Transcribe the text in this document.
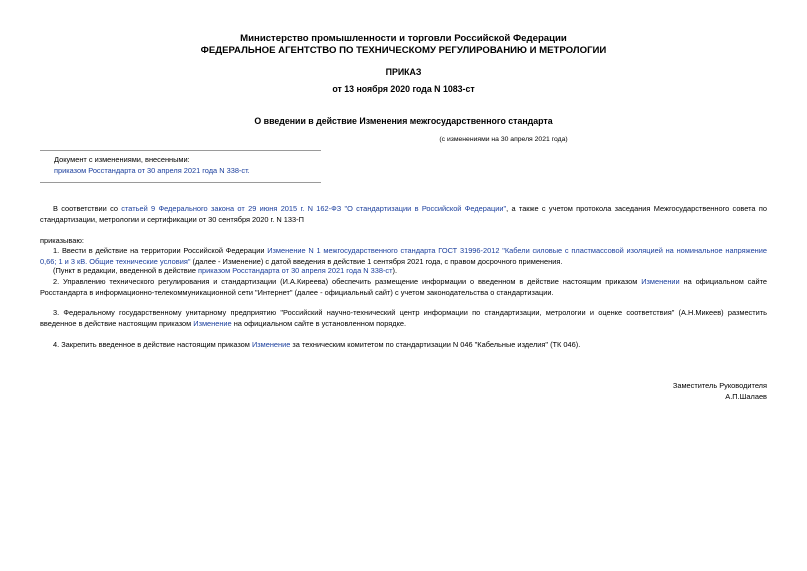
Министерство промышленности и торговли Российской Федерации
ФЕДЕРАЛЬНОЕ АГЕНТСТВО ПО ТЕХНИЧЕСКОМУ РЕГУЛИРОВАНИЮ И МЕТРОЛОГИИ
ПРИКАЗ
от 13 ноября 2020 года N 1083-ст
О введении в действие Изменения межгосударственного стандарта
(с изменениями на 30 апреля 2021 года)
Документ с изменениями, внесенными:
приказом Росстандарта от 30 апреля 2021 года N 338-ст.
В соответствии со статьей 9 Федерального закона от 29 июня 2015 г. N 162-ФЗ "О стандартизации в Российской Федерации", а также с учетом протокола заседания Межгосударственного совета по стандартизации, метрологии и сертификации от 30 сентября 2020 г. N 133-П
приказываю:
1. Ввести в действие на территории Российской Федерации Изменение N 1 межгосударственного стандарта ГОСТ 31996-2012 "Кабели силовые с пластмассовой изоляцией на номинальное напряжение 0,66; 1 и 3 кВ. Общие технические условия" (далее - Изменение) с датой введения в действие 1 сентября 2021 года, с правом досрочного применения.
(Пункт в редакции, введенной в действие приказом Росстандарта от 30 апреля 2021 года N 338-ст).
2. Управлению технического регулирования и стандартизации (И.А.Киреева) обеспечить размещение информации о введенном в действие настоящим приказом Изменении на официальном сайте Росстандарта в информационно-телекоммуникационной сети "Интернет" (далее - официальный сайт) с учетом законодательства о стандартизации.
3. Федеральному государственному унитарному предприятию "Российский научно-технический центр информации по стандартизации, метрологии и оценке соответствия" (А.Н.Микеев) разместить введенное в действие настоящим приказом Изменение на официальном сайте в установленном порядке.
4. Закрепить введенное в действие настоящим приказом Изменение за техническим комитетом по стандартизации N 046 "Кабельные изделия" (ТК 046).
Заместитель Руководителя
А.П.Шалаев
